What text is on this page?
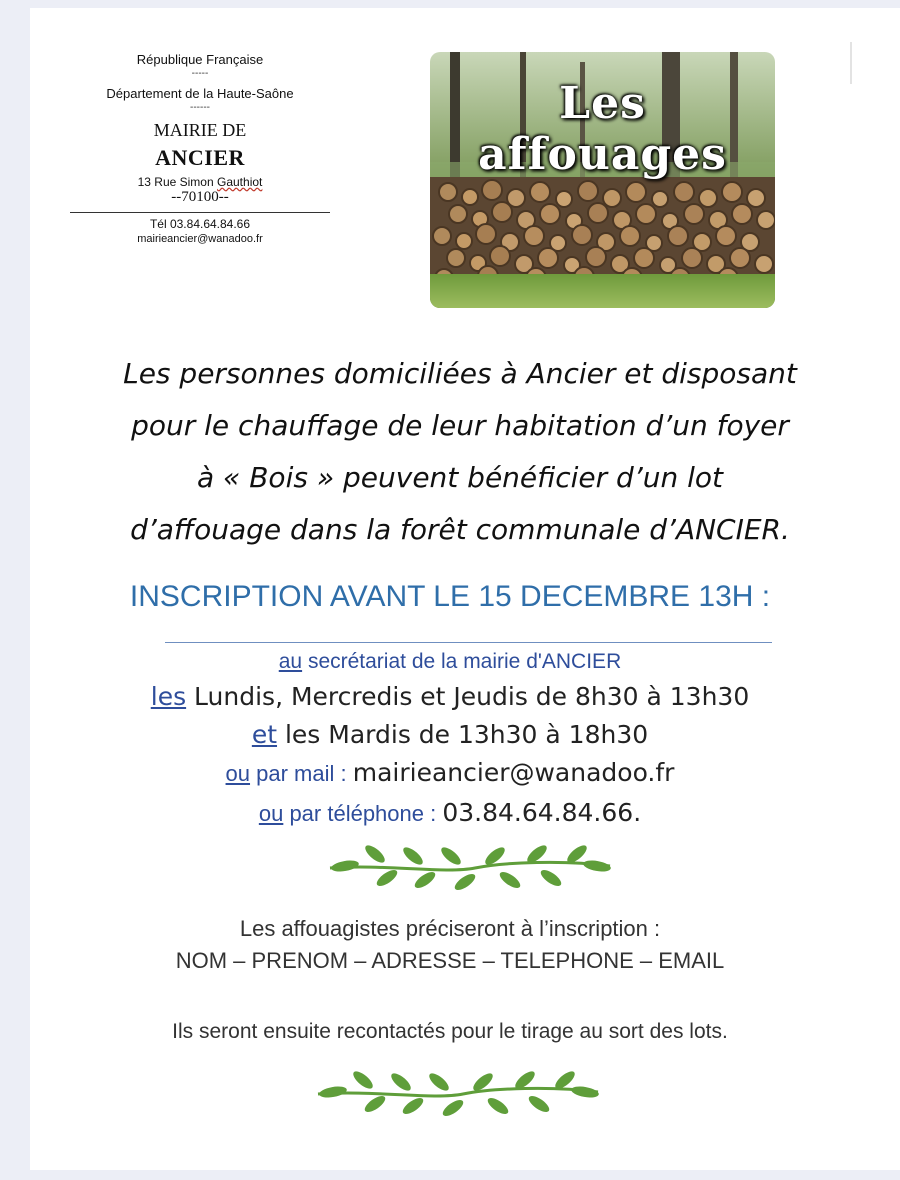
République Française
-----
Département de la Haute-Saône
------
MAIRIE DE
ANCIER
13 Rue Simon Gauthiot
--70100--
Tél 03.84.64.84.66
mairieancier@wanadoo.fr
Les affouages
Les personnes domiciliées à Ancier et disposant
pour le chauffage de leur habitation d’un foyer
à « Bois » peuvent bénéficier d’un lot
d’affouage dans la forêt communale d’ANCIER.
INSCRIPTION AVANT LE 15 DECEMBRE 13H :
au secrétariat de la mairie d'ANCIER
les Lundis, Mercredis et Jeudis de 8h30 à 13h30
et les Mardis de 13h30 à 18h30
ou par mail : mairieancier@wanadoo.fr
ou par téléphone : 03.84.64.84.66.
Les affouagistes préciseront à l’inscription :
NOM – PRENOM – ADRESSE – TELEPHONE – EMAIL
Ils seront ensuite recontactés pour le tirage au sort des lots.
